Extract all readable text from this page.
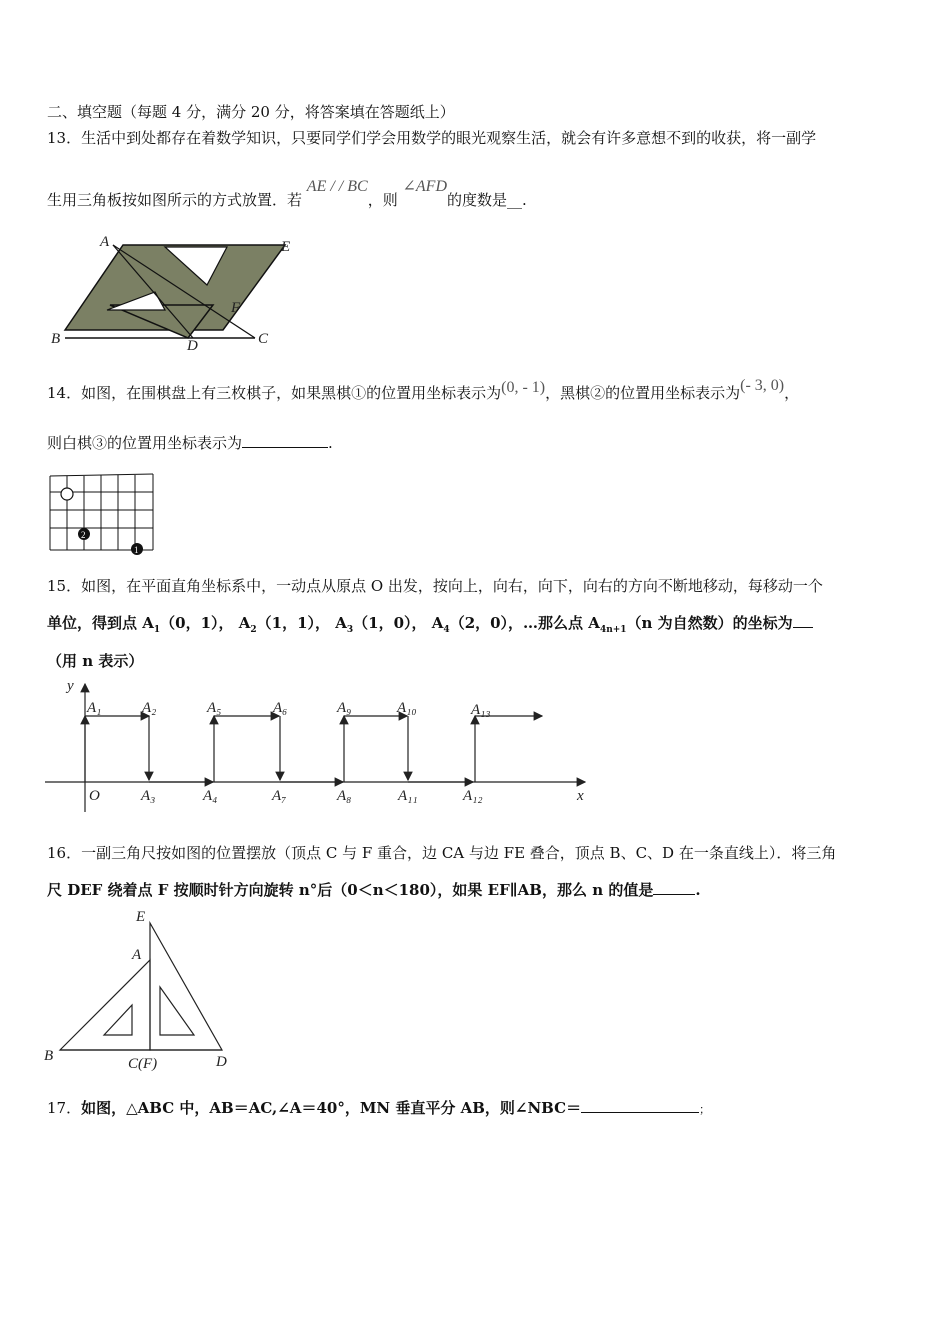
二、填空题（每题 4 分，满分 20 分，将答案填在答题纸上）
13．生活中到处都存在着数学知识，只要同学们学会用数学的眼光观察生活，就会有许多意想不到的收获，将一副学
生用三角板按如图所示的方式放置．若 AE / / BC，则 ∠AFD的度数是__.
A	E
B	D	C
F
14．如图，在围棋盘上有三枚棋子，如果黑棋①的位置用坐标表示为(0, - 1)，黑棋②的位置用坐标表示为(- 3, 0)，
则白棋③的位置用坐标表示为	.
2
1
15．如图，在平面直角坐标系中，一动点从原点 O 出发，按向上，向右，向下，向右的方向不断地移动，每移动一个
单位，得到点 $A_1(0$，1）， $A_2(1$，1）， $A_3(1$，0）， $A_4(2$，0），…那么点 $A_{4n+1}(n$ 为自然数）的坐标为
（用 n 表示）
y
x
O
A₁	A₂	A₅	A₆	A₉	A₁₀	A₁₃
A₃	A₄	A₇	A₈	A₁₁	A₁₂
16．一副三角尺按如图的位置摆放（顶点 C 与 F 重合，边 CA 与边 FE 叠合，顶点 B、C、D 在一条直线上）．将三角
尺 DEF 绕着点 F 按顺时针方向旋转 n°后（0＜n＜180），如果 EF∥AB，那么 n 的值是	.
E
A
B	C(F)	D
17．如图，△ABC 中，AB＝AC,∠A＝40°，MN 垂直平分 AB，则∠NBC＝	；
